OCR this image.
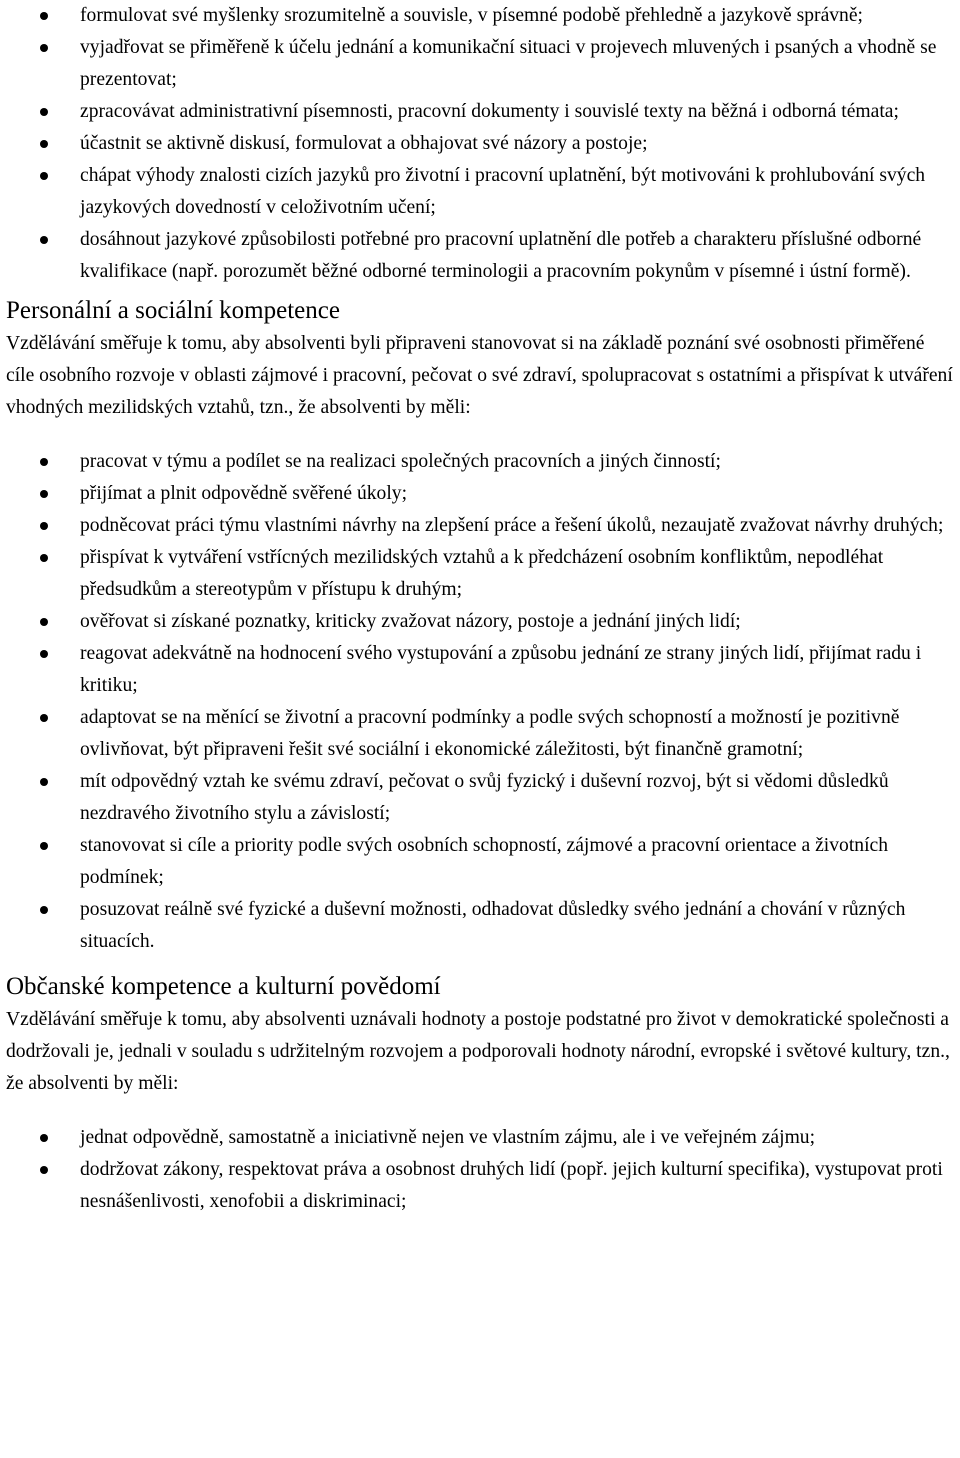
formulovat své myšlenky srozumitelně a souvisle, v písemné podobě přehledně a jazykově správně;
vyjadřovat se přiměřeně k účelu jednání a komunikační situaci v projevech mluvených i psaných a vhodně se prezentovat;
zpracovávat administrativní písemnosti, pracovní dokumenty i souvislé texty na běžná i odborná témata;
účastnit se aktivně diskusí, formulovat a obhajovat své názory a postoje;
chápat výhody znalosti cizích jazyků pro životní i pracovní uplatnění, být motivováni k prohlubování svých jazykových dovedností v celoživotním učení;
dosáhnout jazykové způsobilosti potřebné pro pracovní uplatnění dle potřeb a charakteru příslušné odborné kvalifikace (např. porozumět běžné odborné terminologii a pracovním pokynům v písemné i ústní formě).
Personální a sociální kompetence

Vzdělávání směřuje k tomu, aby absolventi byli připraveni stanovovat si na základě poznání své osobnosti přiměřené cíle osobního rozvoje v oblasti zájmové i pracovní, pečovat o své zdraví, spolupracovat s ostatními a přispívat k utváření vhodných mezilidských vztahů, tzn., že absolventi by měli:

pracovat v týmu a podílet se na realizaci společných pracovních a jiných činností;
přijímat a plnit odpovědně svěřené úkoly;
podněcovat práci týmu vlastními návrhy na zlepšení práce a řešení úkolů, nezaujatě zvažovat návrhy druhých;
přispívat k vytváření vstřícných mezilidských vztahů a k předcházení osobním konfliktům, nepodléhat předsudkům a stereotypům v přístupu k druhým;
ověřovat si získané poznatky, kriticky zvažovat názory, postoje a jednání jiných lidí;
reagovat adekvátně na hodnocení svého vystupování a způsobu jednání ze strany jiných lidí, přijímat radu i kritiku;
adaptovat se na měnící se životní a pracovní podmínky a podle svých schopností a možností je pozitivně ovlivňovat, být připraveni řešit své sociální i ekonomické záležitosti, být finančně gramotní;
mít odpovědný vztah ke svému zdraví, pečovat o svůj fyzický i duševní rozvoj, být si vědomi důsledků nezdravého životního stylu a závislostí;
stanovovat si cíle a priority podle svých osobních schopností, zájmové a pracovní orientace a životních podmínek;
posuzovat reálně své fyzické a duševní možnosti, odhadovat důsledky svého jednání a chování v různých situacích.
Občanské kompetence a kulturní povědomí

Vzdělávání směřuje k tomu, aby absolventi uznávali hodnoty a postoje podstatné pro život v demokratické společnosti a dodržovali je, jednali v souladu s udržitelným rozvojem a podporovali hodnoty národní, evropské i světové kultury, tzn., že absolventi by měli:

jednat odpovědně, samostatně a iniciativně nejen ve vlastním zájmu, ale i ve veřejném zájmu;
dodržovat zákony, respektovat práva a osobnost druhých lidí (popř. jejich kulturní specifika), vystupovat proti nesnášenlivosti, xenofobii a diskriminaci;
